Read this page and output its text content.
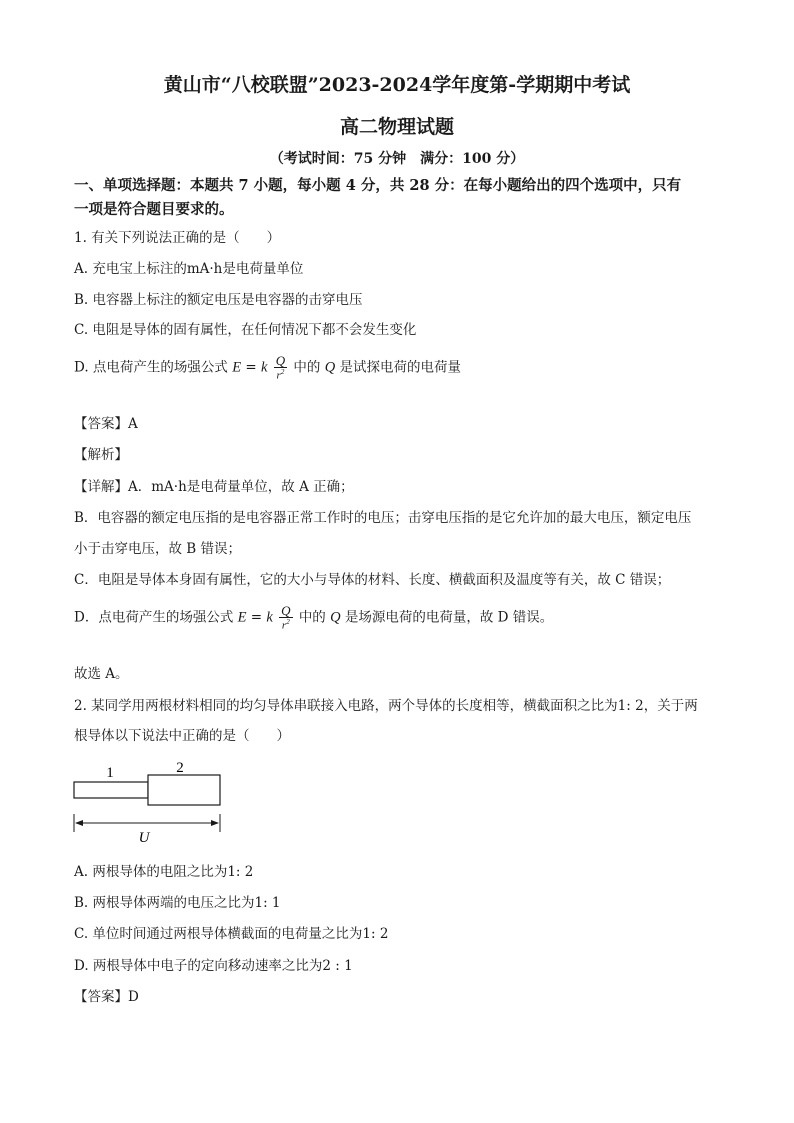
黄山市“八校联盟”2023-2024学年度第-学期期中考试
高二物理试题
（考试时间：75 分钟　满分：100 分）
一、单项选择题：本题共 7 小题，每小题 4 分，共 28 分：在每小题给出的四个选项中，只有
一项是符合题目要求的。
1. 有关下列说法正确的是（　　）
A. 充电宝上标注的mA·h是电荷量单位
B. 电容器上标注的额定电压是电容器的击穿电压
C. 电阻是导体的固有属性，在任何情况下都不会发生变化
D. 点电荷产生的场强公式 E = k $\frac{Q}{r^2}$ 中的 Q 是试探电荷的电荷量
【答案】A
【解析】
【详解】A．mA·h是电荷量单位，故 A 正确；
B．电容器的额定电压指的是电容器正常工作时的电压；击穿电压指的是它允许加的最大电压，额定电压
小于击穿电压，故 B 错误；
C．电阻是导体本身固有属性，它的大小与导体的材料、长度、横截面积及温度等有关，故 C 错误；
D．点电荷产生的场强公式 E = k $\frac{Q}{r^2}$ 中的 Q 是场源电荷的电荷量，故 D 错误。
故选 A。
2. 某同学用两根材料相同的均匀导体串联接入电路，两个导体的长度相等，横截面积之比为1: 2，关于两
根导体以下说法中正确的是（　　）
1	2
U
A. 两根导体的电阻之比为1: 2
B. 两根导体两端的电压之比为1: 1
C. 单位时间通过两根导体横截面的电荷量之比为1: 2
D. 两根导体中电子的定向移动速率之比为2 : 1
【答案】D
